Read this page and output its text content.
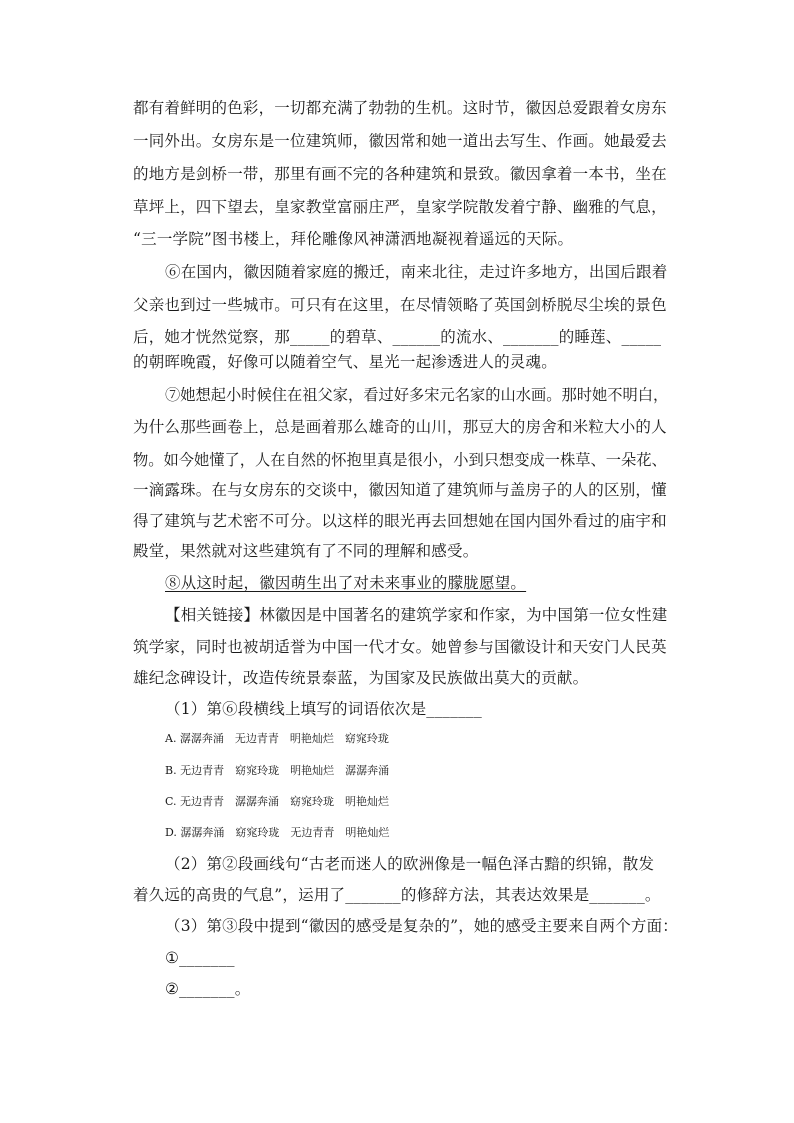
都有着鲜明的色彩，一切都充满了勃勃的生机。这时节，徽因总爱跟着女房东
一同外出。女房东是一位建筑师，徽因常和她一道出去写生、作画。她最爱去
的地方是剑桥一带，那里有画不完的各种建筑和景致。徽因拿着一本书，坐在
草坪上，四下望去，皇家教堂富丽庄严，皇家学院散发着宁静、幽雅的气息，
“三一学院”图书楼上，拜伦雕像风神潇洒地凝视着遥远的天际。
⑥在国内，徽因随着家庭的搬迁，南来北往，走过许多地方，出国后跟着
父亲也到过一些城市。可只有在这里，在尽情领略了英国剑桥脱尽尘埃的景色
后，她才恍然觉察，那_____的碧草、______的流水、_______的睡莲、_____
的朝晖晚霞，好像可以随着空气、星光一起渗透进人的灵魂。
⑦她想起小时候住在祖父家，看过好多宋元名家的山水画。那时她不明白，
为什么那些画卷上，总是画着那么雄奇的山川，那豆大的房舍和米粒大小的人
物。如今她懂了，人在自然的怀抱里真是很小，小到只想变成一株草、一朵花、
一滴露珠。在与女房东的交谈中，徽因知道了建筑师与盖房子的人的区别，懂
得了建筑与艺术密不可分。以这样的眼光再去回想她在国内国外看过的庙宇和
殿堂，果然就对这些建筑有了不同的理解和感受。
⑧从这时起，徽因萌生出了对未来事业的朦胧愿望。
【相关链接】林徽因是中国著名的建筑学家和作家，为中国第一位女性建
筑学家，同时也被胡适誉为中国一代才女。她曾参与国徽设计和天安门人民英
雄纪念碑设计，改造传统景泰蓝，为国家及民族做出莫大的贡献。
（1）第⑥段横线上填写的词语依次是_______
A. 潺潺奔涌　无边青青　明艳灿烂　窈窕玲珑
B. 无边青青　窈窕玲珑　明艳灿烂　潺潺奔涌
C. 无边青青　潺潺奔涌　窈窕玲珑　明艳灿烂
D. 潺潺奔涌　窈窕玲珑　无边青青　明艳灿烂
（2）第②段画线句“古老而迷人的欧洲像是一幅色泽古黯的织锦，散发
着久远的高贵的气息”，运用了_______的修辞方法，其表达效果是_______。
（3）第③段中提到“徽因的感受是复杂的”，她的感受主要来自两个方面：
①_______
②_______。
